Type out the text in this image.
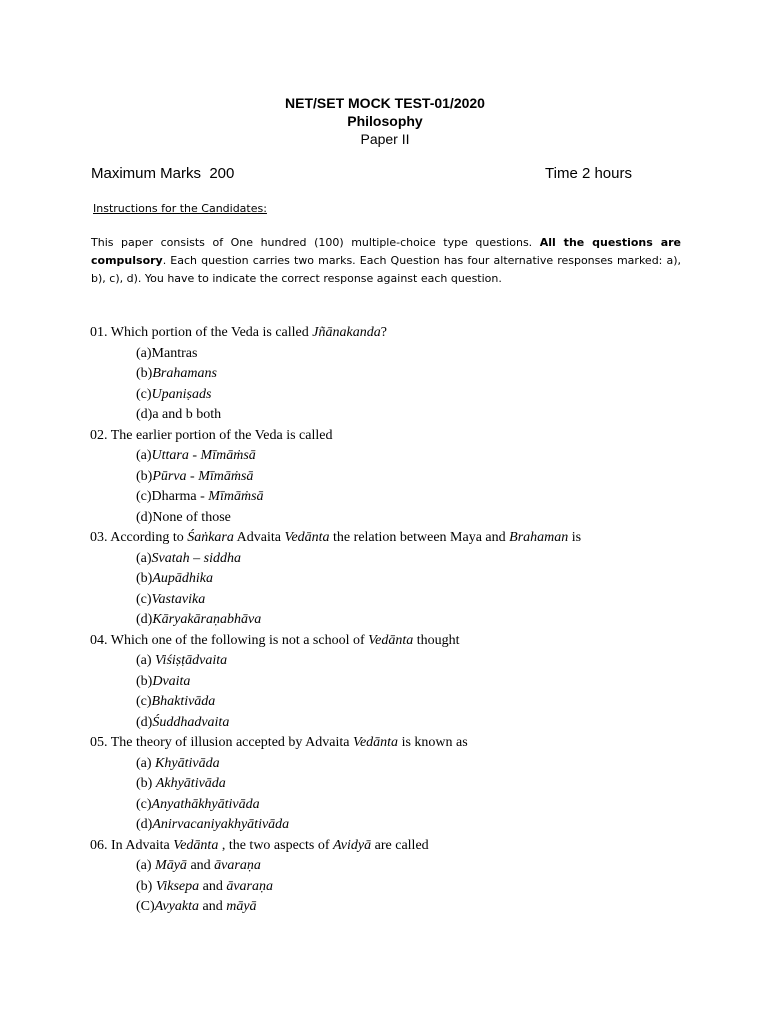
NET/SET MOCK TEST-01/2020
Philosophy
Paper II
Maximum Marks  200	Time 2 hours
Instructions for the Candidates:
This paper consists of One hundred (100) multiple-choice type questions. All the questions are compulsory. Each question carries two marks. Each Question has four alternative responses marked: a), b), c), d). You have to indicate the correct response against each question.
01. Which portion of the Veda is called Jñānakanda?
(a)Mantras
(b)Brahamans
(c)Upaniṣads
(d)a and b both
02. The earlier portion of the Veda is called
(a)Uttara - Mīmāṁsā
(b)Pūrva - Mīmāṁsā
(c)Dharma - Mīmāṁsā
(d)None of those
03. According to Śaṅkara Advaita Vedānta the relation between Maya and Brahaman is
(a)Svatah – siddha
(b)Aupādhika
(c)Vastavika
(d)Kāryakāraṇabhāva
04. Which one of the following is not a school of Vedānta thought
(a) Viśiṣṭādvaita
(b)Dvaita
(c)Bhaktivāda
(d)Śuddhadvaita
05. The theory of illusion accepted by Advaita Vedānta is known as
(a) Khyātivāda
(b) Akhyātivāda
(c)Anyathākhyātivāda
(d)Anirvacaniyakhyātivāda
06. In Advaita Vedānta , the two aspects of Avidyā are called
(a) Māyā and āvaraṇa
(b) Viksepa and āvaraṇa
(C)Avyakta and māyā
